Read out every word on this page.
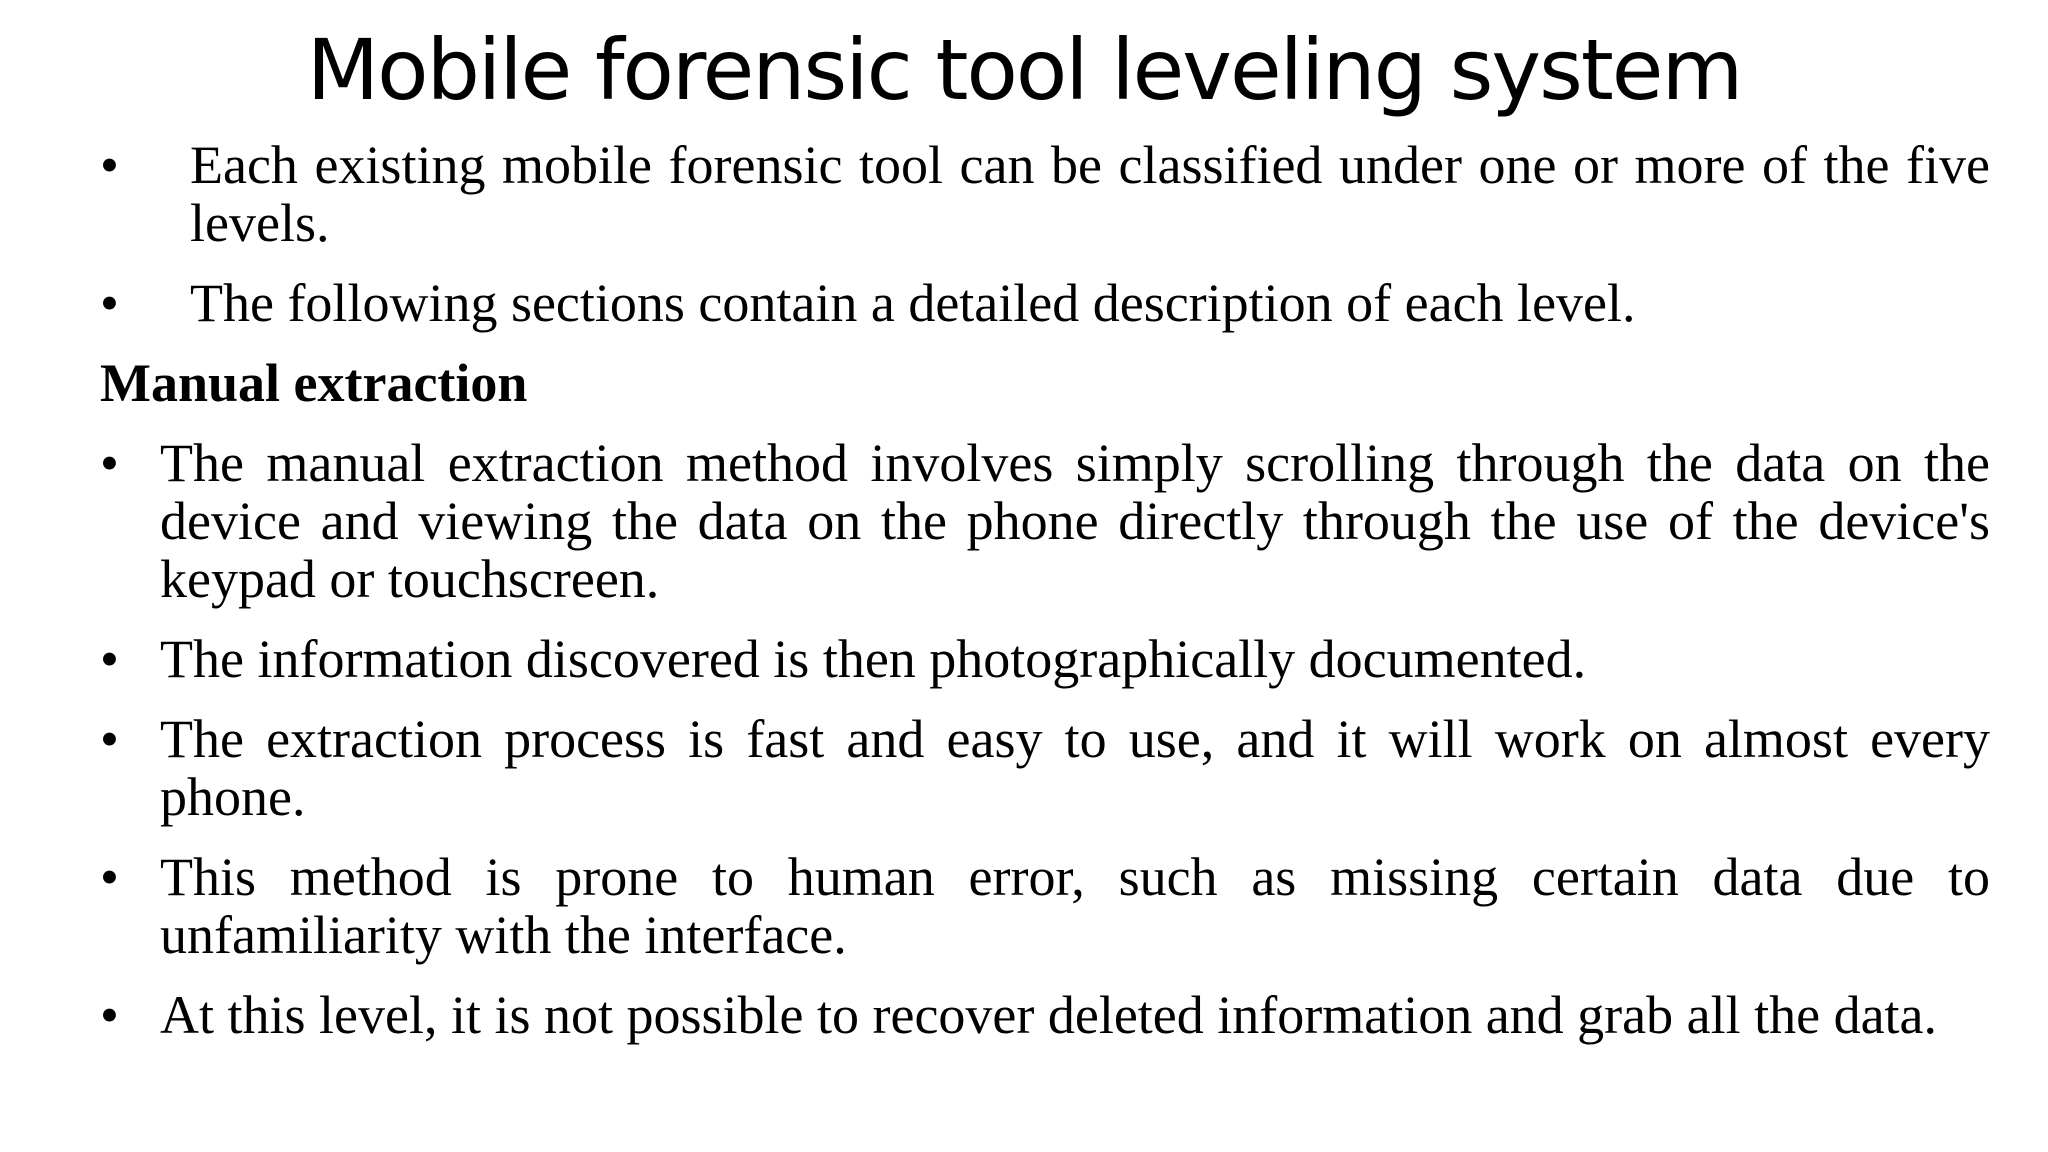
Mobile forensic tool leveling system
• Each existing mobile forensic tool can be classified under one or more of the five levels.
• The following sections contain a detailed description of each level.
Manual extraction
• The manual extraction method involves simply scrolling through the data on the device and viewing the data on the phone directly through the use of the device's keypad or touchscreen.
• The information discovered is then photographically documented.
• The extraction process is fast and easy to use, and it will work on almost every phone.
• This method is prone to human error, such as missing certain data due to unfamiliarity with the interface.
• At this level, it is not possible to recover deleted information and grab all the data.
